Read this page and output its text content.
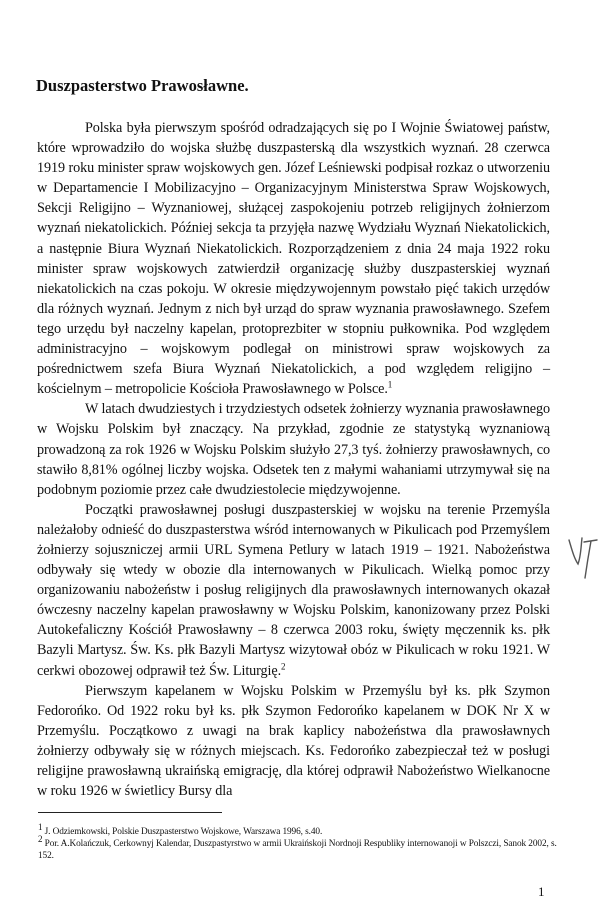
Duszpasterstwo Prawosławne.

Polska była pierwszym spośród odradzających się po I Wojnie Światowej państw, które wprowadziło do wojska służbę duszpasterską dla wszystkich wyznań. 28 czerwca 1919 roku minister spraw wojskowych gen. Józef Leśniewski podpisał rozkaz o utworzeniu w Departamencie I Mobilizacyjno – Organizacyjnym Ministerstwa Spraw Wojskowych, Sekcji Religijno – Wyznaniowej, służącej zaspokojeniu potrzeb religijnych żołnierzom wyznań niekatolickich. Później sekcja ta przyjęła nazwę Wydziału Wyznań Niekatolickich, a następnie Biura Wyznań Niekatolickich. Rozporządzeniem z dnia 24 maja 1922 roku minister spraw wojskowych zatwierdził organizację służby duszpasterskiej wyznań niekatolickich na czas pokoju. W okresie międzywojennym powstało pięć takich urzędów dla różnych wyznań. Jednym z nich był urząd do spraw wyznania prawosławnego. Szefem tego urzędu był naczelny kapelan, protoprezbiter w stopniu pułkownika. Pod względem administracyjno – wojskowym podlegał on ministrowi spraw wojskowych za pośrednictwem szefa Biura Wyznań Niekatolickich, a pod względem religijno – kościelnym – metropolicie Kościoła Prawosławnego w Polsce.$^1$

W latach dwudziestych i trzydziestych odsetek żołnierzy wyznania prawosławnego w Wojsku Polskim był znaczący. Na przykład, zgodnie ze statystyką wyznaniową prowadzoną za rok 1926 w Wojsku Polskim służyło 27,3 tyś. żołnierzy prawosławnych, co stawiło 8,81% ogólnej liczby wojska. Odsetek ten z małymi wahaniami utrzymywał się na podobnym poziomie przez całe dwudziestolecie międzywojenne.

Początki prawosławnej posługi duszpasterskiej w wojsku na terenie Przemyśla należałoby odnieść do duszpasterstwa wśród internowanych w Pikulicach pod Przemyślem żołnierzy sojuszniczej armii URL Symena Petlury w latach 1919 – 1921. Nabożeństwa odbywały się wtedy w obozie dla internowanych w Pikulicach. Wielką pomoc przy organizowaniu nabożeństw i posług religijnych dla prawosławnych internowanych okazał ówczesny naczelny kapelan prawosławny w Wojsku Polskim, kanonizowany przez Polski Autokefaliczny Kościół Prawosławny – 8 czerwca 2003 roku, święty męczennik ks. płk Bazyli Martysz. Św. Ks. płk Bazyli Martysz wizytował obóz w Pikulicach w roku 1921. W cerkwi obozowej odprawił też Św. Liturgię.$^2$

Pierwszym kapelanem w Wojsku Polskim w Przemyślu był ks. płk Szymon Fedorońko. Od 1922 roku był ks. płk Szymon Fedorońko kapelanem w DOK Nr X w Przemyślu. Początkowo z uwagi na brak kaplicy nabożeństwa dla prawosławnych żołnierzy odbywały się w różnych miejscach. Ks. Fedorońko zabezpieczał też w posługi religijne prawosławną ukraińską emigrację, dla której odprawił Nabożeństwo Wielkanocne w roku 1926 w świetlicy Bursy dla

$^1$ J. Odziemkowski, Polskie Duszpasterstwo Wojskowe, Warszawa 1996, s.40.

$^2$ Por. A.Kolańczuk, Cerkownyj Kalendar, Duszpastyrstwo w armii Ukraińskoji Nordnoji Respubliky internowanoji w Polszczi, Sanok 2002, s. 152.

1
